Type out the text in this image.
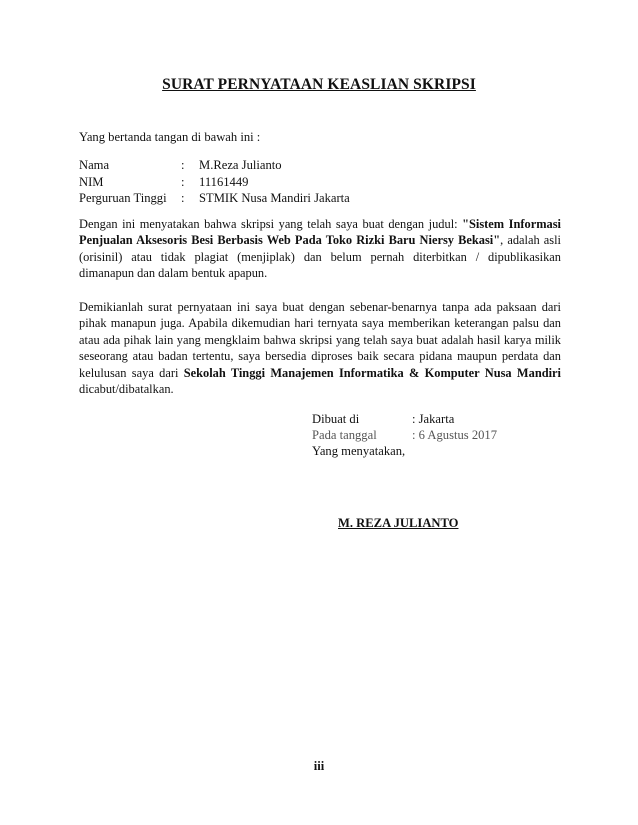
SURAT PERNYATAAN KEASLIAN SKRIPSI
Yang bertanda tangan di bawah ini :
Nama	:	M.Reza Julianto
NIM	:	11161449
Perguruan Tinggi	:	STMIK Nusa Mandiri Jakarta
Dengan ini menyatakan bahwa skripsi yang telah saya buat dengan judul: "Sistem Informasi Penjualan Aksesoris Besi Berbasis Web Pada Toko Rizki Baru Niersy Bekasi", adalah asli (orisinil) atau tidak plagiat (menjiplak) dan belum pernah diterbitkan / dipublikasikan dimanapun dan dalam bentuk apapun.
Demikianlah surat pernyataan ini saya buat dengan sebenar-benarnya tanpa ada paksaan dari pihak manapun juga. Apabila dikemudian hari ternyata saya memberikan keterangan palsu dan atau ada pihak lain yang mengklaim bahwa skripsi yang telah saya buat adalah hasil karya milik seseorang atau badan tertentu, saya bersedia diproses baik secara pidana maupun perdata dan kelulusan saya dari Sekolah Tinggi Manajemen Informatika & Komputer Nusa Mandiri dicabut/dibatalkan.
Dibuat di	: Jakarta
Pada tanggal	: 6 Agustus 2017
Yang menyatakan,
M. REZA JULIANTO
iii
